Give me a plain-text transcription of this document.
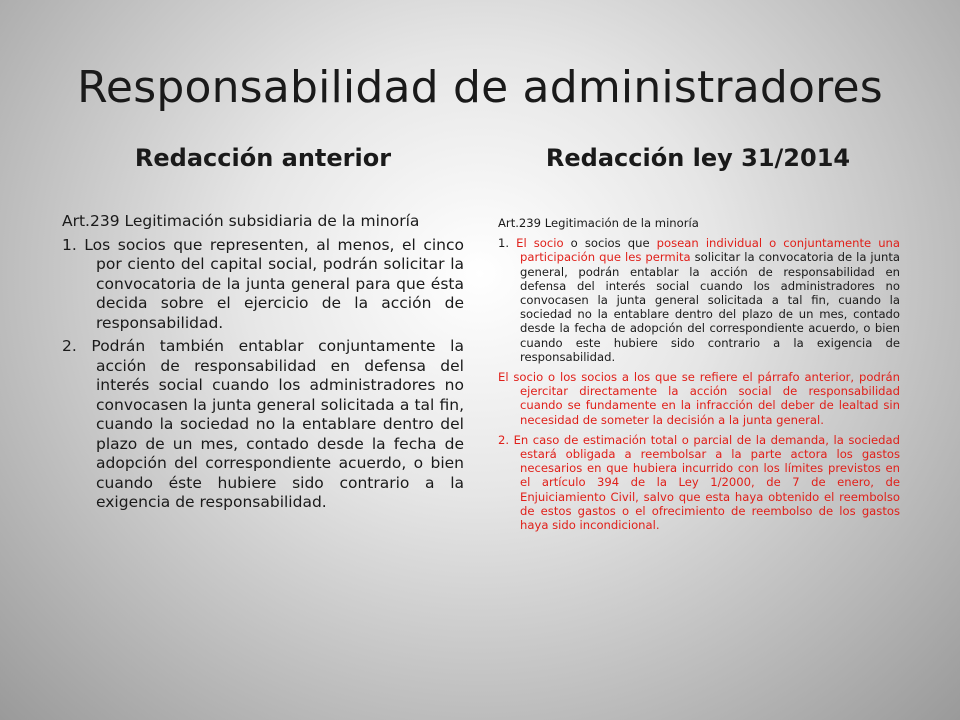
Responsabilidad de administradores
Redacción anterior	Redacción ley 31/2014

Art.239 Legitimación subsidiaria de la minoría

1. Los socios que representen, al menos, el cinco por ciento del capital social, podrán solicitar la convocatoria de la junta general para que ésta decida sobre el ejercicio de la acción de responsabilidad.

2. Podrán también entablar conjuntamente la acción de responsabilidad en defensa del interés social cuando los administradores no convocasen la junta general solicitada a tal fin, cuando la sociedad no la entablare dentro del plazo de un mes, contado desde la fecha de adopción del correspondiente acuerdo, o bien cuando éste hubiere sido contrario a la exigencia de responsabilidad.

Art.239 Legitimación de la minoría

1. El socio o socios que posean individual o conjuntamente una participación que les permita solicitar la convocatoria de la junta general, podrán entablar la acción de responsabilidad en defensa del interés social cuando los administradores no convocasen la junta general solicitada a tal fin, cuando la sociedad no la entablare dentro del plazo de un mes, contado desde la fecha de adopción del correspondiente acuerdo, o bien cuando este hubiere sido contrario a la exigencia de responsabilidad.

El socio o los socios a los que se refiere el párrafo anterior, podrán ejercitar directamente la acción social de responsabilidad cuando se fundamente en la infracción del deber de lealtad sin necesidad de someter la decisión a la junta general.

2. En caso de estimación total o parcial de la demanda, la sociedad estará obligada a reembolsar a la parte actora los gastos necesarios en que hubiera incurrido con los límites previstos en el artículo 394 de la Ley 1/2000, de 7 de enero, de Enjuiciamiento Civil, salvo que esta haya obtenido el reembolso de estos gastos o el ofrecimiento de reembolso de los gastos haya sido incondicional.
